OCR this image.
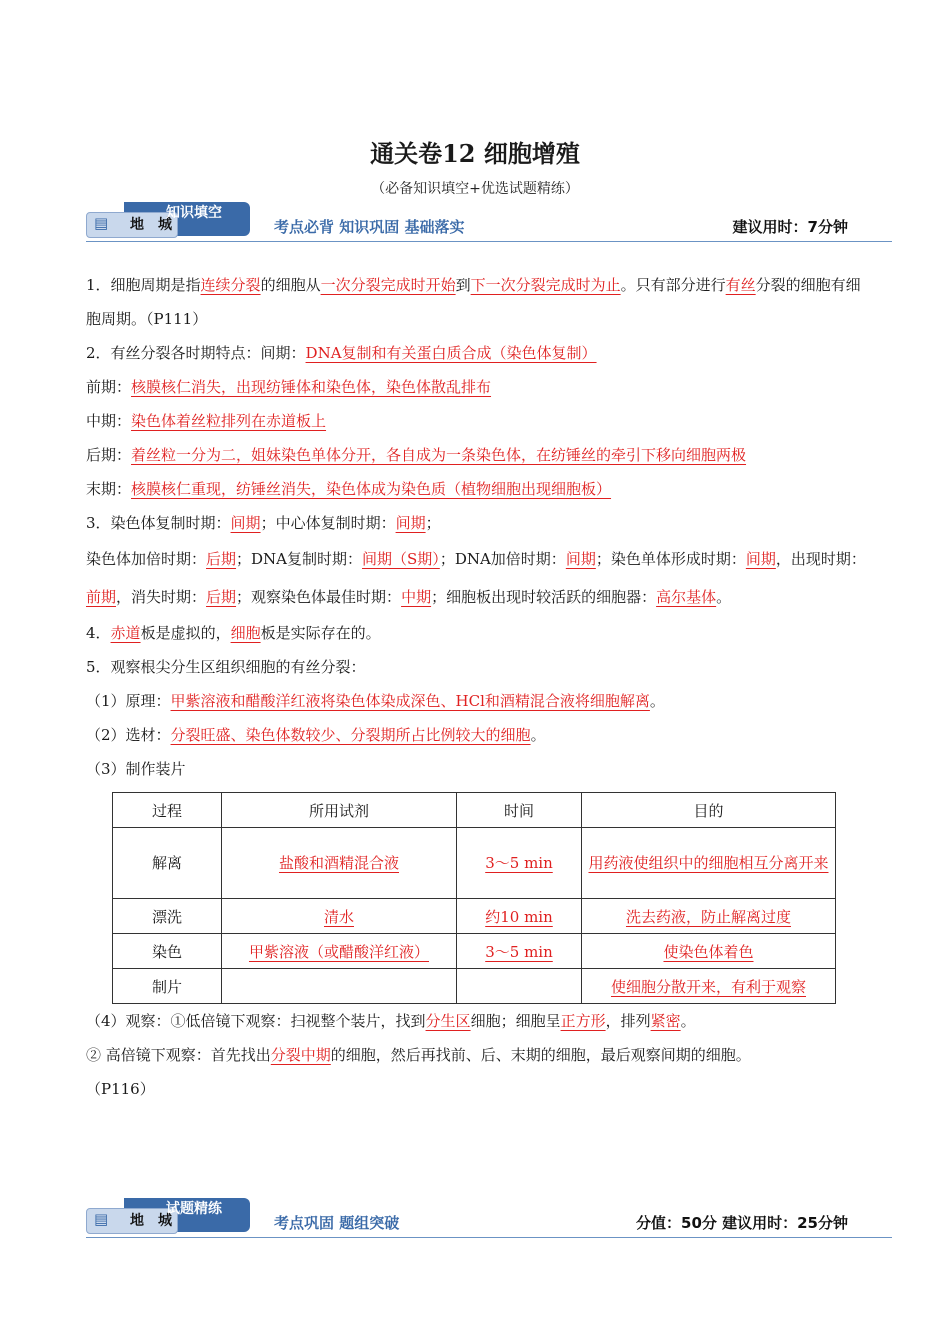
通关卷12 细胞增殖
（必备知识填空+优选试题精练）
▤ 地城
知识填空
考点必背 知识巩固 基础落实	建议用时：7分钟

1．细胞周期是指连续分裂的细胞从一次分裂完成时开始到下一次分裂完成时为止。只有部分进行有丝分裂的细胞有细胞周期。（P111）

2．有丝分裂各时期特点：间期：DNA复制和有关蛋白质合成（染色体复制）

前期：核膜核仁消失，出现纺锤体和染色体，染色体散乱排布

中期：染色体着丝粒排列在赤道板上

后期：着丝粒一分为二，姐妹染色单体分开，各自成为一条染色体，在纺锤丝的牵引下移向细胞两极

末期：核膜核仁重现，纺锤丝消失，染色体成为染色质（植物细胞出现细胞板）

3．染色体复制时期：间期；中心体复制时期：间期；

染色体加倍时期：后期；DNA复制时期：间期（S期）；DNA加倍时期：间期；染色单体形成时期：间期，出现时期：前期，消失时期：后期；观察染色体最佳时期：中期；细胞板出现时较活跃的细胞器：高尔基体。

4．赤道板是虚拟的，细胞板是实际存在的。

5．观察根尖分生区组织细胞的有丝分裂：

（1）原理：甲紫溶液和醋酸洋红液将染色体染成深色、HCl和酒精混合液将细胞解离。

（2）选材：分裂旺盛、染色体数较少、分裂期所占比例较大的细胞。

（3）制作装片

过程	所用试剂	时间	目的
解离	盐酸和酒精混合液	3～5 min	用药液使组织中的细胞相互分离开来
漂洗	清水	约10 min	洗去药液，防止解离过度
染色	甲紫溶液（或醋酸洋红液）	3～5 min	使染色体着色
制片			使细胞分散开来，有利于观察

（4）观察：①低倍镜下观察：扫视整个装片，找到分生区细胞；细胞呈正方形，排列紧密。

② 高倍镜下观察：首先找出分裂中期的细胞，然后再找前、后、末期的细胞，最后观察间期的细胞。

（P116）

▤ 地城
试题精练
考点巩固 题组突破	分值：50分 建议用时：25分钟
